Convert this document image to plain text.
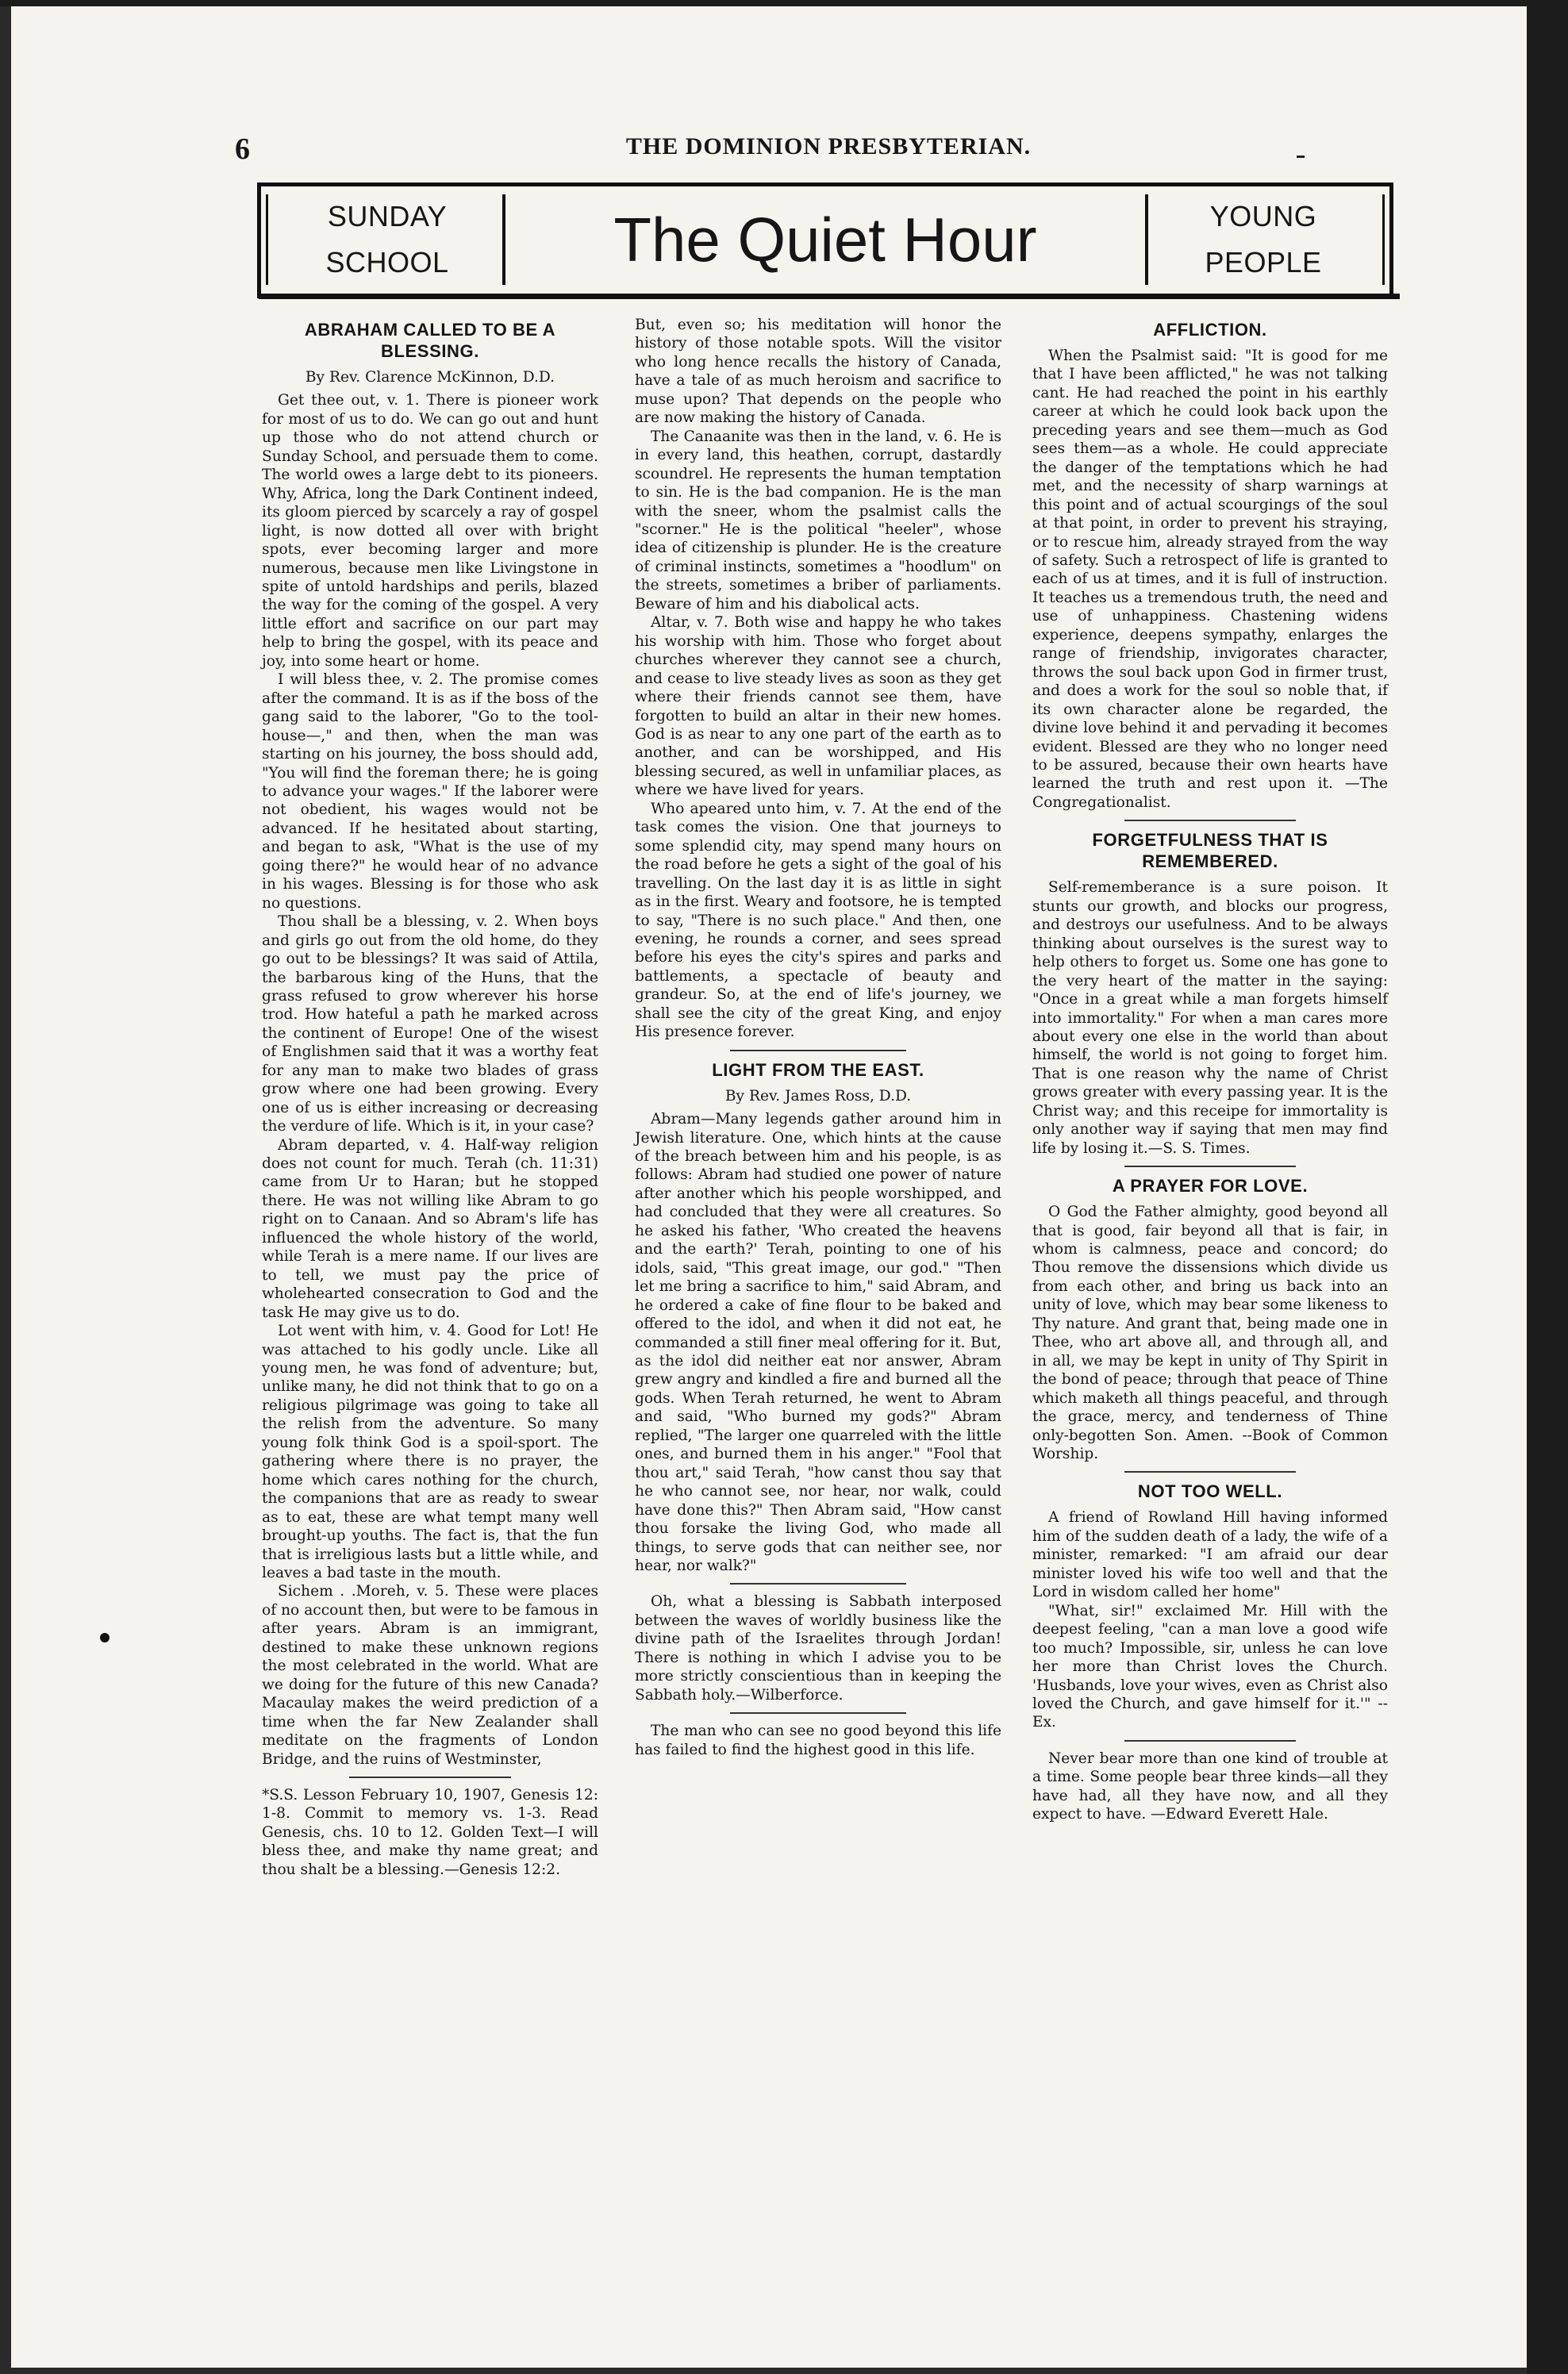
6	THE DOMINION PRESBYTERIAN.
SUNDAY
SCHOOL	The Quiet Hour	YOUNG
PEOPLE
ABRAHAM CALLED TO BE A BLESSING.
By Rev. Clarence McKinnon, D.D.

Get thee out, v. 1. There is pioneer work for most of us to do. We can go out and hunt up those who do not attend church or Sunday School, and persuade them to come. The world owes a large debt to its pioneers. Why, Africa, long the Dark Continent indeed, its gloom pierced by scarcely a ray of gospel light, is now dotted all over with bright spots, ever becoming larger and more numerous, because men like Livingstone in spite of untold hardships and perils, blazed the way for the coming of the gospel. A very little effort and sacrifice on our part may help to bring the gospel, with its peace and joy, into some heart or home.

I will bless thee, v. 2. The promise comes after the command. It is as if the boss of the gang said to the laborer, "Go to the tool-house—," and then, when the man was starting on his journey, the boss should add, "You will find the foreman there; he is going to advance your wages." If the laborer were not obedient, his wages would not be advanced. If he hesitated about starting, and began to ask, "What is the use of my going there?" he would hear of no advance in his wages. Blessing is for those who ask no questions.

Thou shall be a blessing, v. 2. When boys and girls go out from the old home, do they go out to be blessings? It was said of Attila, the barbarous king of the Huns, that the grass refused to grow wherever his horse trod. How hateful a path he marked across the continent of Europe! One of the wisest of Englishmen said that it was a worthy feat for any man to make two blades of grass grow where one had been growing. Every one of us is either increasing or decreasing the verdure of life. Which is it, in your case?

Abram departed, v. 4. Half-way religion does not count for much. Terah (ch. 11:31) came from Ur to Haran; but he stopped there. He was not willing like Abram to go right on to Canaan. And so Abram's life has influenced the whole history of the world, while Terah is a mere name. If our lives are to tell, we must pay the price of wholehearted consecration to God and the task He may give us to do.

Lot went with him, v. 4. Good for Lot! He was attached to his godly uncle. Like all young men, he was fond of adventure; but, unlike many, he did not think that to go on a religious pilgrimage was going to take all the relish from the adventure. So many young folk think God is a spoil-sport. The gathering where there is no prayer, the home which cares nothing for the church, the companions that are as ready to swear as to eat, these are what tempt many well brought-up youths. The fact is, that the fun that is irreligious lasts but a little while, and leaves a bad taste in the mouth.

Sichem . .Moreh, v. 5. These were places of no account then, but were to be famous in after years. Abram is an immigrant, destined to make these unknown regions the most celebrated in the world. What are we doing for the future of this new Canada? Macaulay makes the weird prediction of a time when the far New Zealander shall meditate on the fragments of London Bridge, and the ruins of Westminster,

*S.S. Lesson February 10, 1907, Genesis 12: 1-8. Commit to memory vs. 1-3. Read Genesis, chs. 10 to 12. Golden Text—I will bless thee, and make thy name great; and thou shalt be a blessing.—Genesis 12:2.

But, even so; his meditation will honor the history of those notable spots. Will the visitor who long hence recalls the history of Canada, have a tale of as much heroism and sacrifice to muse upon? That depends on the people who are now making the history of Canada.

The Canaanite was then in the land, v. 6. He is in every land, this heathen, corrupt, dastardly scoundrel. He represents the human temptation to sin. He is the bad companion. He is the man with the sneer, whom the psalmist calls the "scorner." He is the political "heeler", whose idea of citizenship is plunder. He is the creature of criminal instincts, sometimes a "hoodlum" on the streets, sometimes a briber of parliaments. Beware of him and his diabolical acts.

Altar, v. 7. Both wise and happy he who takes his worship with him. Those who forget about churches wherever they cannot see a church, and cease to live steady lives as soon as they get where their friends cannot see them, have forgotten to build an altar in their new homes. God is as near to any one part of the earth as to another, and can be worshipped, and His blessing secured, as well in unfamiliar places, as where we have lived for years.

Who apeared unto him, v. 7. At the end of the task comes the vision. One that journeys to some splendid city, may spend many hours on the road before he gets a sight of the goal of his travelling. On the last day it is as little in sight as in the first. Weary and footsore, he is tempted to say, "There is no such place." And then, one evening, he rounds a corner, and sees spread before his eyes the city's spires and parks and battlements, a spectacle of beauty and grandeur. So, at the end of life's journey, we shall see the city of the great King, and enjoy His presence forever.

LIGHT FROM THE EAST.
By Rev. James Ross, D.D.

Abram—Many legends gather around him in Jewish literature. One, which hints at the cause of the breach between him and his people, is as follows: Abram had studied one power of nature after another which his people worshipped, and had concluded that they were all creatures. So he asked his father, 'Who created the heavens and the earth?' Terah, pointing to one of his idols, said, "This great image, our god." "Then let me bring a sacrifice to him," said Abram, and he ordered a cake of fine flour to be baked and offered to the idol, and when it did not eat, he commanded a still finer meal offering for it. But, as the idol did neither eat nor answer, Abram grew angry and kindled a fire and burned all the gods. When Terah returned, he went to Abram and said, "Who burned my gods?" Abram replied, "The larger one quarreled with the little ones, and burned them in his anger." "Fool that thou art," said Terah, "how canst thou say that he who cannot see, nor hear, nor walk, could have done this?" Then Abram said, "How canst thou forsake the living God, who made all things, to serve gods that can neither see, nor hear, nor walk?"

Oh, what a blessing is Sabbath interposed between the waves of worldly business like the divine path of the Israelites through Jordan! There is nothing in which I advise you to be more strictly conscientious than in keeping the Sabbath holy.—Wilberforce.

The man who can see no good beyond this life has failed to find the highest good in this life.

AFFLICTION.

When the Psalmist said: "It is good for me that I have been afflicted," he was not talking cant. He had reached the point in his earthly career at which he could look back upon the preceding years and see them—much as God sees them—as a whole. He could appreciate the danger of the temptations which he had met, and the necessity of sharp warnings at this point and of actual scourgings of the soul at that point, in order to prevent his straying, or to rescue him, already strayed from the way of safety. Such a retrospect of life is granted to each of us at times, and it is full of instruction. It teaches us a tremendous truth, the need and use of unhappiness. Chastening widens experience, deepens sympathy, enlarges the range of friendship, invigorates character, throws the soul back upon God in firmer trust, and does a work for the soul so noble that, if its own character alone be regarded, the divine love behind it and pervading it becomes evident. Blessed are they who no longer need to be assured, because their own hearts have learned the truth and rest upon it. —The Congregationalist.

FORGETFULNESS THAT IS REMEMBERED.

Self-rememberance is a sure poison. It stunts our growth, and blocks our progress, and destroys our usefulness. And to be always thinking about ourselves is the surest way to help others to forget us. Some one has gone to the very heart of the matter in the saying: "Once in a great while a man forgets himself into immortality." For when a man cares more about every one else in the world than about himself, the world is not going to forget him. That is one reason why the name of Christ grows greater with every passing year. It is the Christ way; and this receipe for immortality is only another way if saying that men may find life by losing it.—S. S. Times.

A PRAYER FOR LOVE.

O God the Father almighty, good beyond all that is good, fair beyond all that is fair, in whom is calmness, peace and concord; do Thou remove the dissensions which divide us from each other, and bring us back into an unity of love, which may bear some likeness to Thy nature. And grant that, being made one in Thee, who art above all, and through all, and in all, we may be kept in unity of Thy Spirit in the bond of peace; through that peace of Thine which maketh all things peaceful, and through the grace, mercy, and tenderness of Thine only-begotten Son. Amen. --Book of Common Worship.

NOT TOO WELL.

A friend of Rowland Hill having informed him of the sudden death of a lady, the wife of a minister, remarked: "I am afraid our dear minister loved his wife too well and that the Lord in wisdom called her home"

"What, sir!" exclaimed Mr. Hill with the deepest feeling, "can a man love a good wife too much? Impossible, sir, unless he can love her more than Christ loves the Church. 'Husbands, love your wives, even as Christ also loved the Church, and gave himself for it.'" -- Ex.

Never bear more than one kind of trouble at a time. Some people bear three kinds—all they have had, all they have now, and all they expect to have. —Edward Everett Hale.
